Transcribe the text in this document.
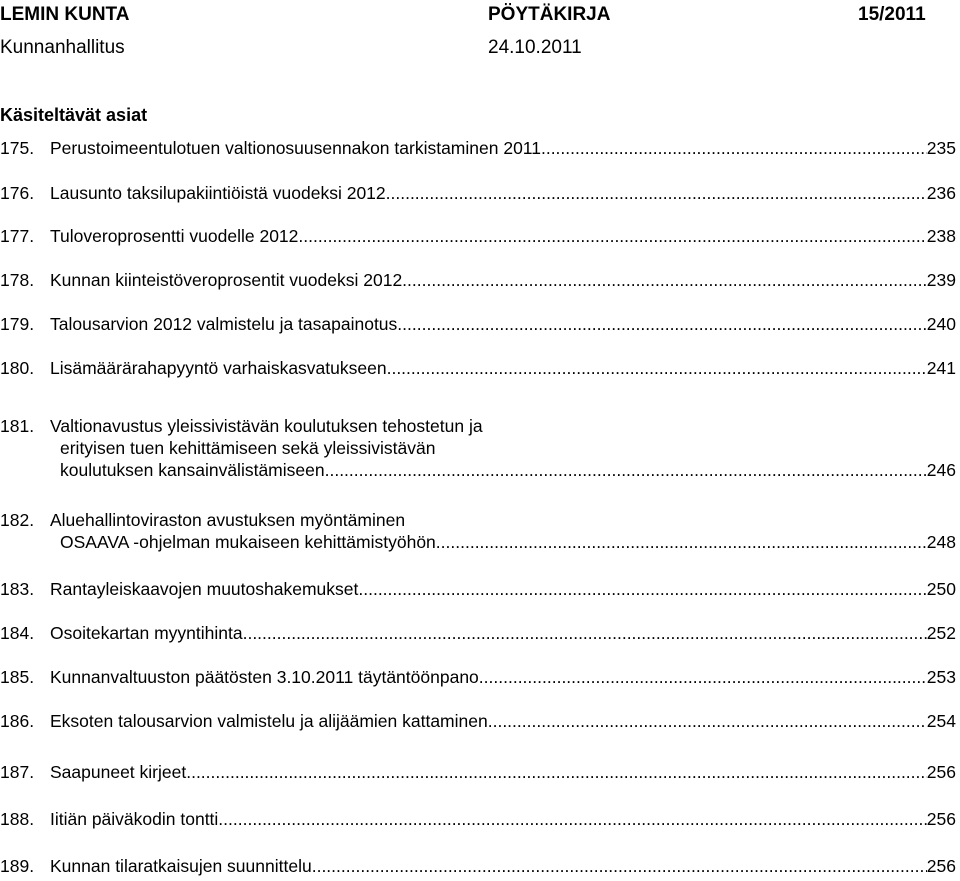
LEMIN KUNTA	PÖYTÄKIRJA	15/2011
Kunnanhallitus	24.10.2011
Käsiteltävät asiat
175. Perustoimeentulotuen valtionosuusennakon tarkistaminen 2011 .....	235
176. Lausunto taksilupakiintiöistä vuodeksi 2012. .....	236
177. Tuloveroprosentti vuodelle 2012. .....	238
178. Kunnan kiinteistöveroprosentit vuodeksi 2012. .....	239
179. Talousarvion 2012 valmistelu ja tasapainotus. .....	240
180. Lisämäärärahapyyntö varhaiskasvatukseen. .....	241
181. Valtionavustus yleissivistävän koulutuksen tehostetun ja
erityisen tuen kehittämiseen sekä yleissivistävän
koulutuksen kansainvälistämiseen. .....	246
182. Aluehallintoviraston avustuksen myöntäminen
OSAAVA -ohjelman mukaiseen kehittämistyöhön. .....	248
183. Rantayleiskaavojen muutoshakemukset. .....	250
184. Osoitekartan myyntihinta. .....	252
185. Kunnanvaltuuston päätösten 3.10.2011 täytäntöönpano. .....	253
186. Eksoten talousarvion valmistelu ja alijäämien kattaminen. .....	254
187. Saapuneet kirjeet. .....	256
188. Iitiän päiväkodin tontti. .....	256
189. Kunnan tilaratkaisujen suunnittelu. .....	256
